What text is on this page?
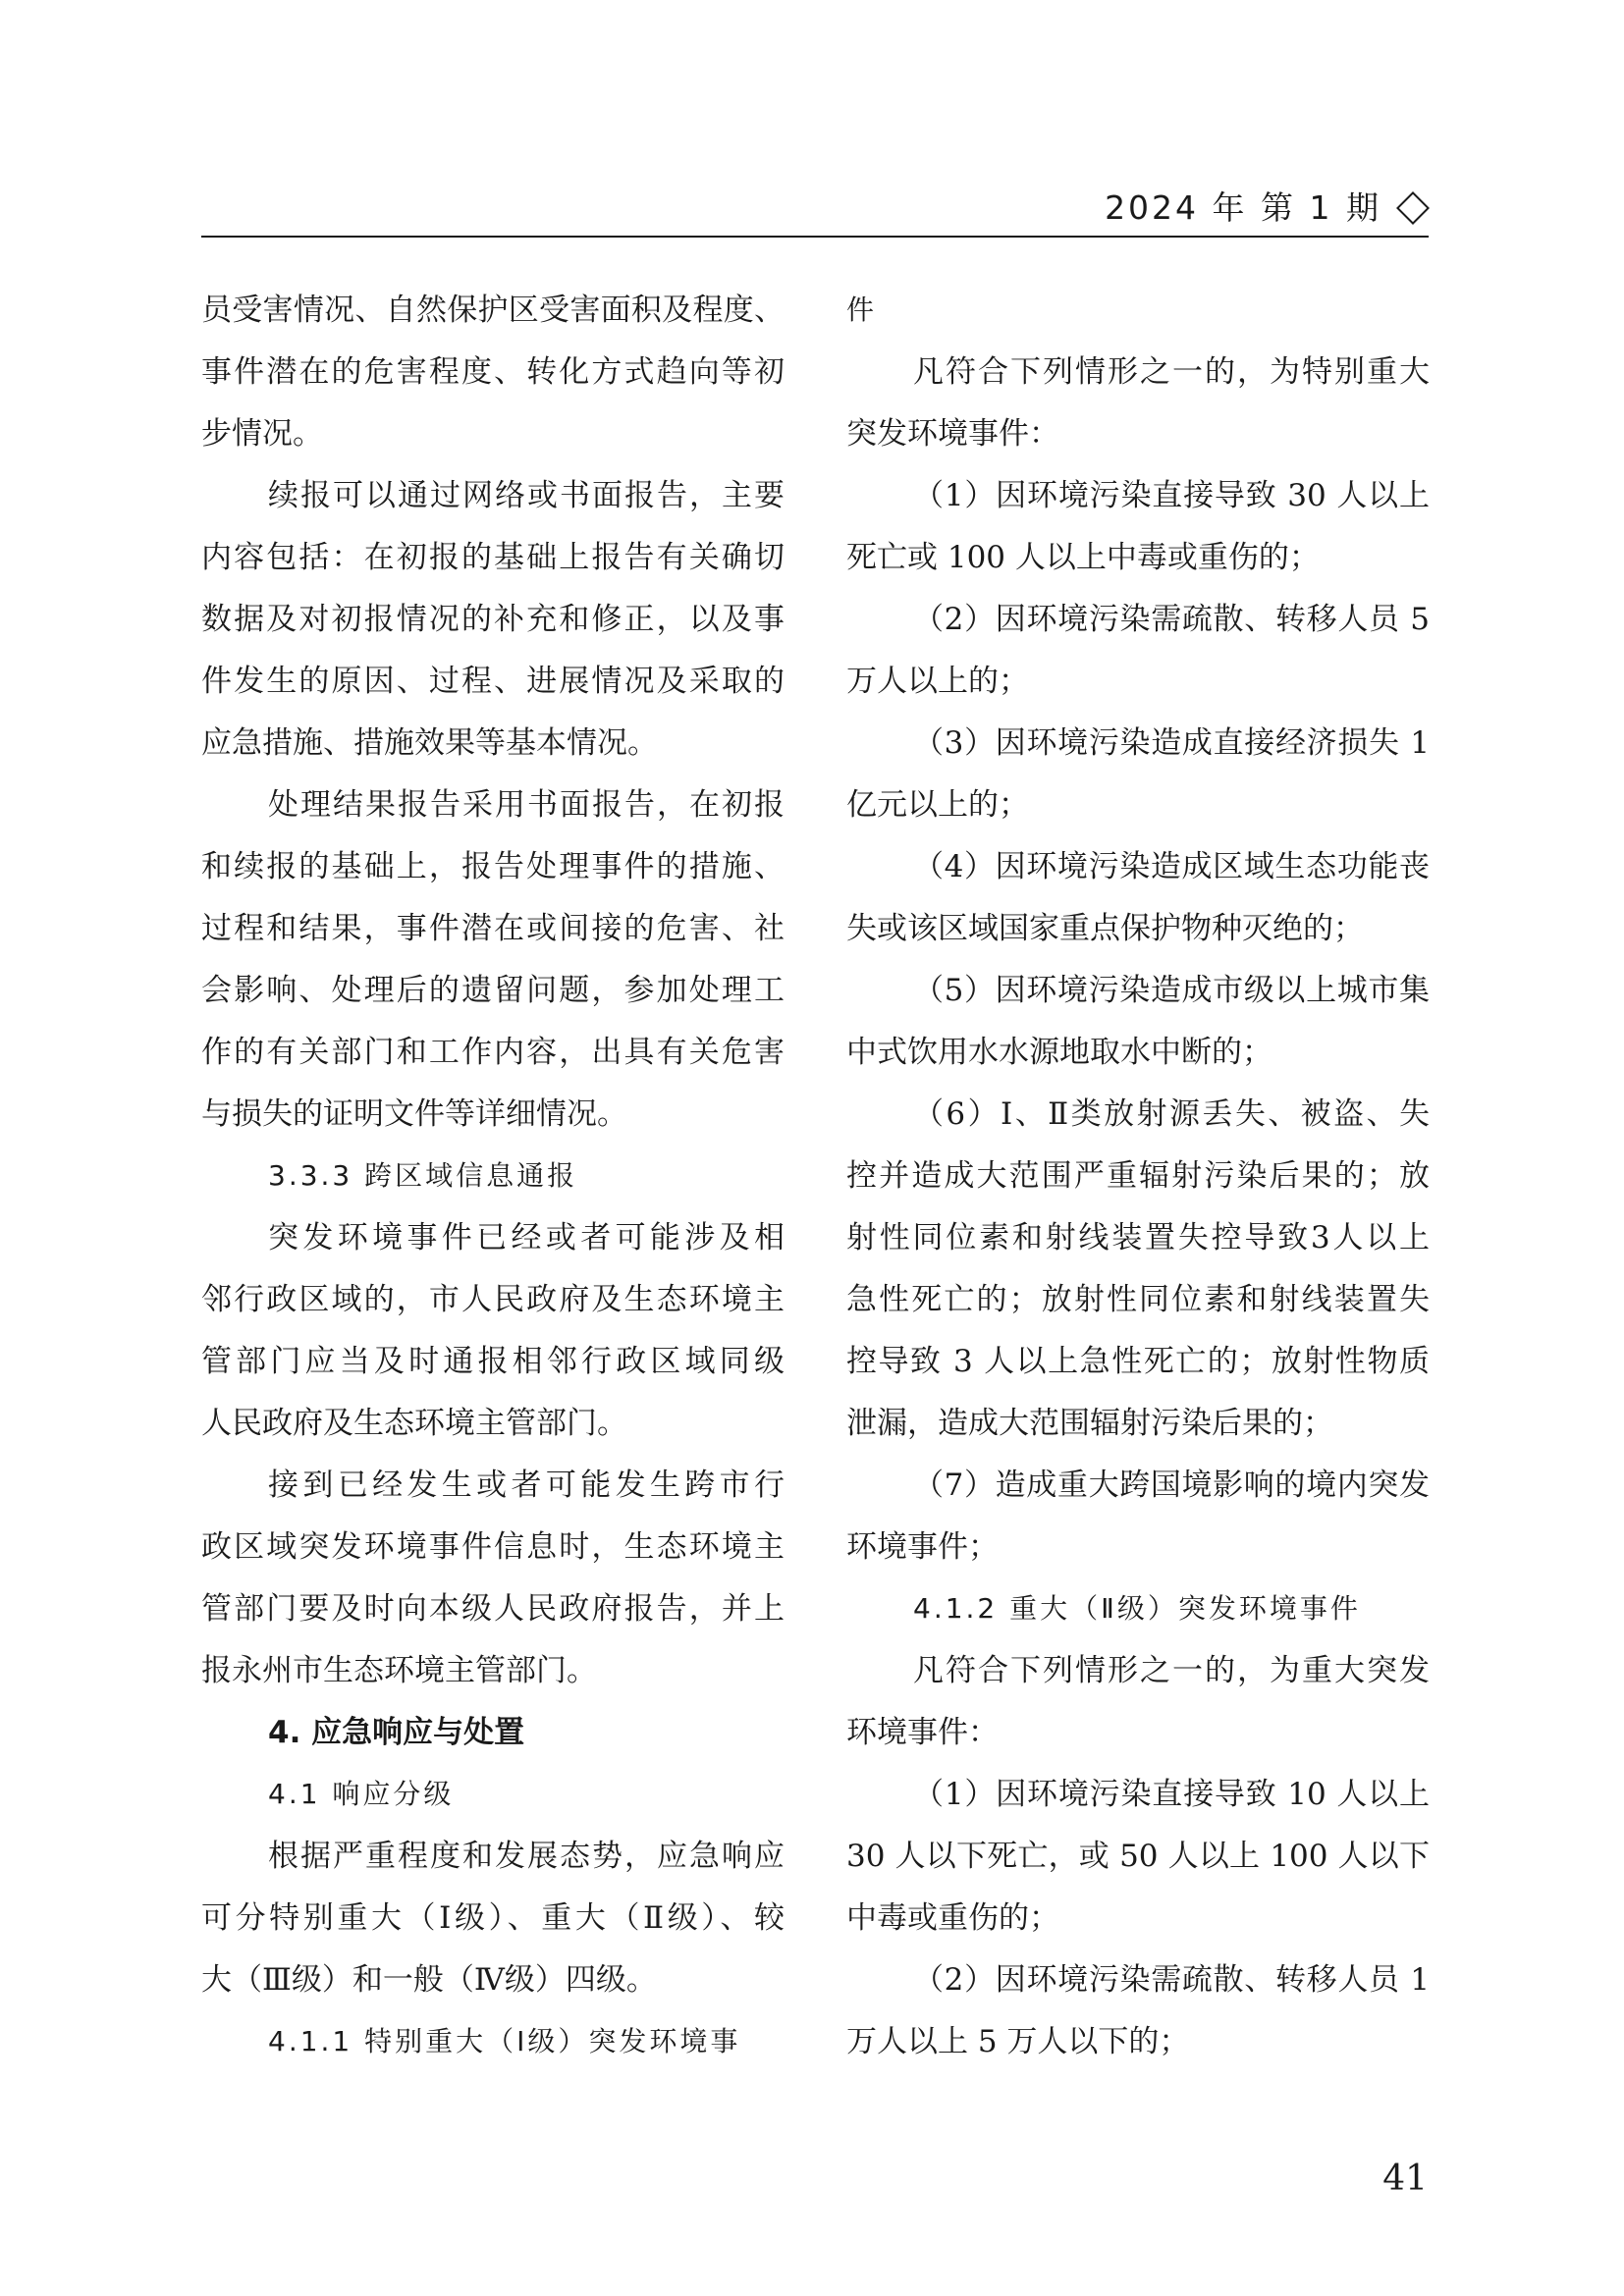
2024 年 第 1 期
员受害情况、自然保护区受害面积及程度、
事件潜在的危害程度、转化方式趋向等初
步情况。
续报可以通过网络或书面报告，主要
内容包括：在初报的基础上报告有关确切
数据及对初报情况的补充和修正，以及事
件发生的原因、过程、进展情况及采取的
应急措施、措施效果等基本情况。
处理结果报告采用书面报告，在初报
和续报的基础上，报告处理事件的措施、
过程和结果，事件潜在或间接的危害、社
会影响、处理后的遗留问题，参加处理工
作的有关部门和工作内容，出具有关危害
与损失的证明文件等详细情况。
3.3.3 跨区域信息通报
突发环境事件已经或者可能涉及相
邻行政区域的，市人民政府及生态环境主
管部门应当及时通报相邻行政区域同级
人民政府及生态环境主管部门。
接到已经发生或者可能发生跨市行
政区域突发环境事件信息时，生态环境主
管部门要及时向本级人民政府报告，并上
报永州市生态环境主管部门。
4. 应急响应与处置
4.1 响应分级
根据严重程度和发展态势，应急响应
可分特别重大（Ⅰ级）、重大（Ⅱ级）、较
大（Ⅲ级）和一般（Ⅳ级）四级。
4.1.1 特别重大（Ⅰ级）突发环境事
件
凡符合下列情形之一的，为特别重大
突发环境事件：
（1）因环境污染直接导致 30 人以上
死亡或 100 人以上中毒或重伤的；
（2）因环境污染需疏散、转移人员 5
万人以上的；
（3）因环境污染造成直接经济损失 1
亿元以上的；
（4）因环境污染造成区域生态功能丧
失或该区域国家重点保护物种灭绝的；
（5）因环境污染造成市级以上城市集
中式饮用水水源地取水中断的；
（6）Ⅰ、Ⅱ类放射源丢失、被盗、失
控并造成大范围严重辐射污染后果的；放
射性同位素和射线装置失控导致3人以上
急性死亡的；放射性同位素和射线装置失
控导致 3 人以上急性死亡的；放射性物质
泄漏，造成大范围辐射污染后果的；
（7）造成重大跨国境影响的境内突发
环境事件；
4.1.2 重大（Ⅱ级）突发环境事件
凡符合下列情形之一的，为重大突发
环境事件：
（1）因环境污染直接导致 10 人以上
30 人以下死亡，或 50 人以上 100 人以下
中毒或重伤的；
（2）因环境污染需疏散、转移人员 1
万人以上 5 万人以下的；
41
